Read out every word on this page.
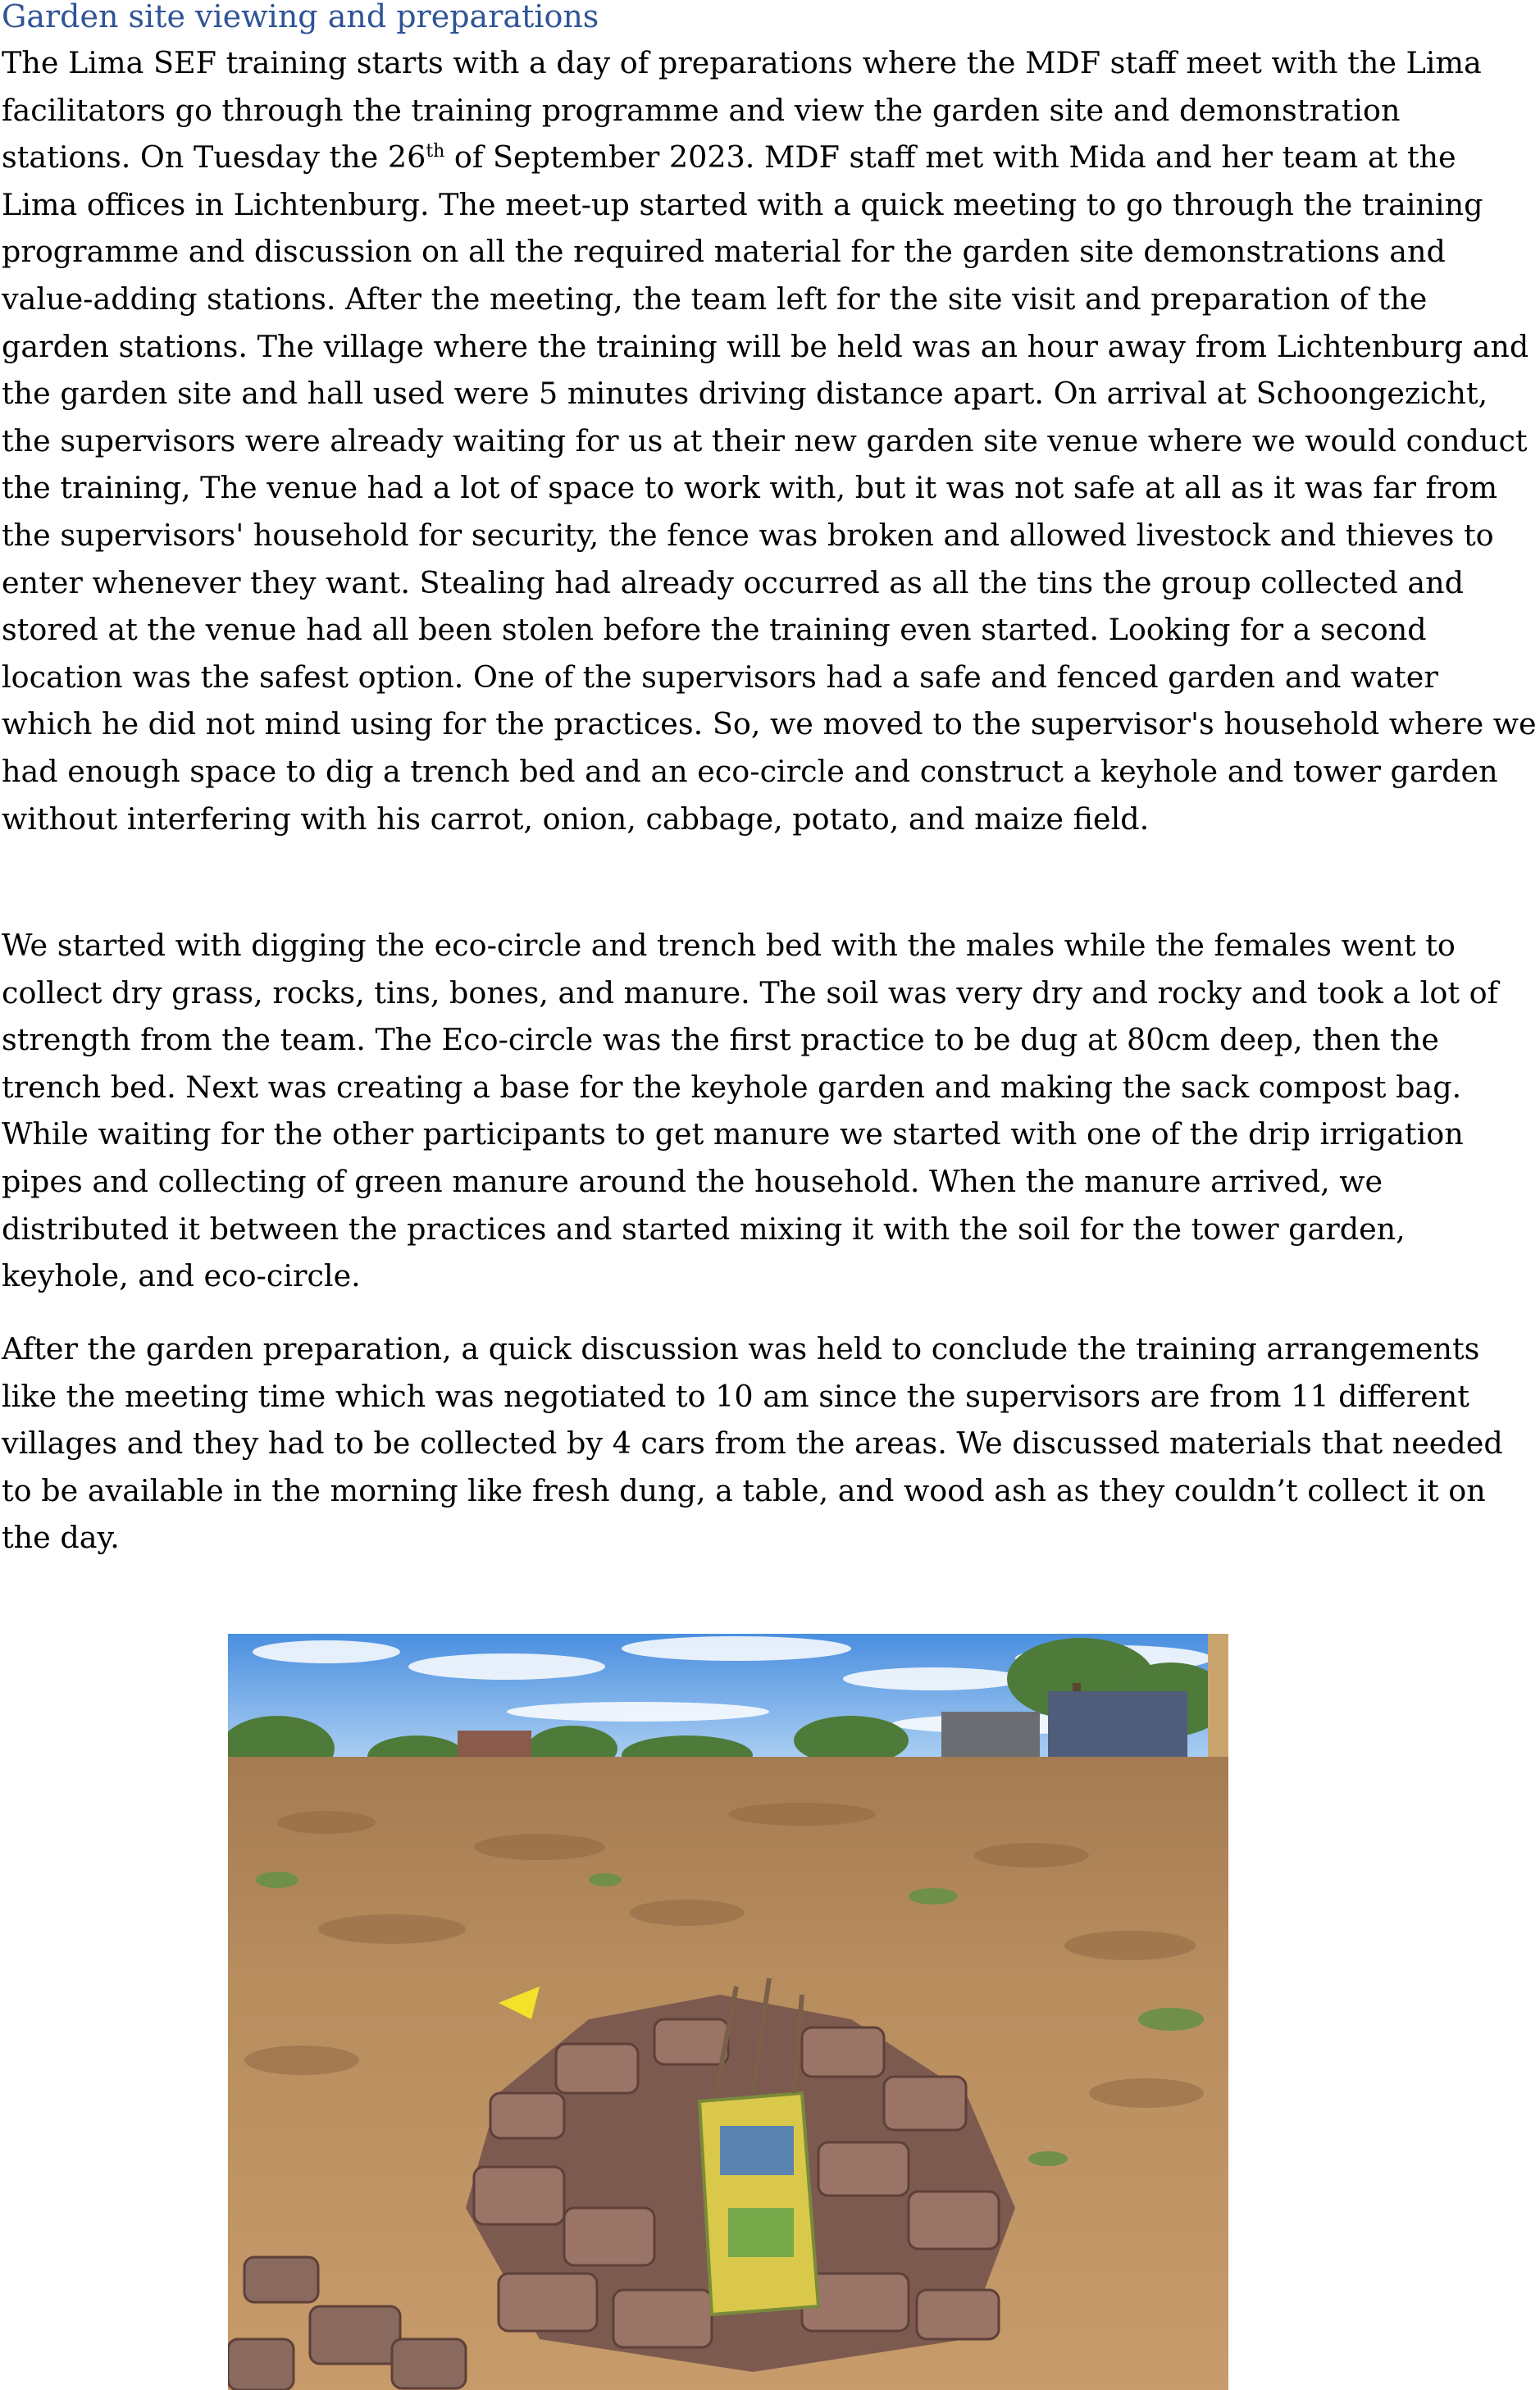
Garden site viewing and preparations

The Lima SEF training starts with a day of preparations where the MDF staff meet with the Lima facilitators go through the training programme and view the garden site and demonstration stations. On Tuesday the 26th of September 2023. MDF staff met with Mida and her team at the Lima offices in Lichtenburg. The meet-up started with a quick meeting to go through the training programme and discussion on all the required material for the garden site demonstrations and value-adding stations. After the meeting, the team left for the site visit and preparation of the garden stations. The village where the training will be held was an hour away from Lichtenburg and the garden site and hall used were 5 minutes driving distance apart. On arrival at Schoongezicht, the supervisors were already waiting for us at their new garden site venue where we would conduct the training, The venue had a lot of space to work with, but it was not safe at all as it was far from the supervisors' household for security, the fence was broken and allowed livestock and thieves to enter whenever they want. Stealing had already occurred as all the tins the group collected and stored at the venue had all been stolen before the training even started. Looking for a second location was the safest option. One of the supervisors had a safe and fenced garden and water which he did not mind using for the practices. So, we moved to the supervisor's household where we had enough space to dig a trench bed and an eco-circle and construct a keyhole and tower garden without interfering with his carrot, onion, cabbage, potato, and maize field.

We started with digging the eco-circle and trench bed with the males while the females went to collect dry grass, rocks, tins, bones, and manure. The soil was very dry and rocky and took a lot of strength from the team. The Eco-circle was the first practice to be dug at 80cm deep, then the trench bed. Next was creating a base for the keyhole garden and making the sack compost bag. While waiting for the other participants to get manure we started with one of the drip irrigation pipes and collecting of green manure around the household. When the manure arrived, we distributed it between the practices and started mixing it with the soil for the tower garden, keyhole, and eco-circle.

After the garden preparation, a quick discussion was held to conclude the training arrangements like the meeting time which was negotiated to 10 am since the supervisors are from 11 different villages and they had to be collected by 4 cars from the areas. We discussed materials that needed to be available in the morning like fresh dung, a table, and wood ash as they couldn’t collect it on the day.
